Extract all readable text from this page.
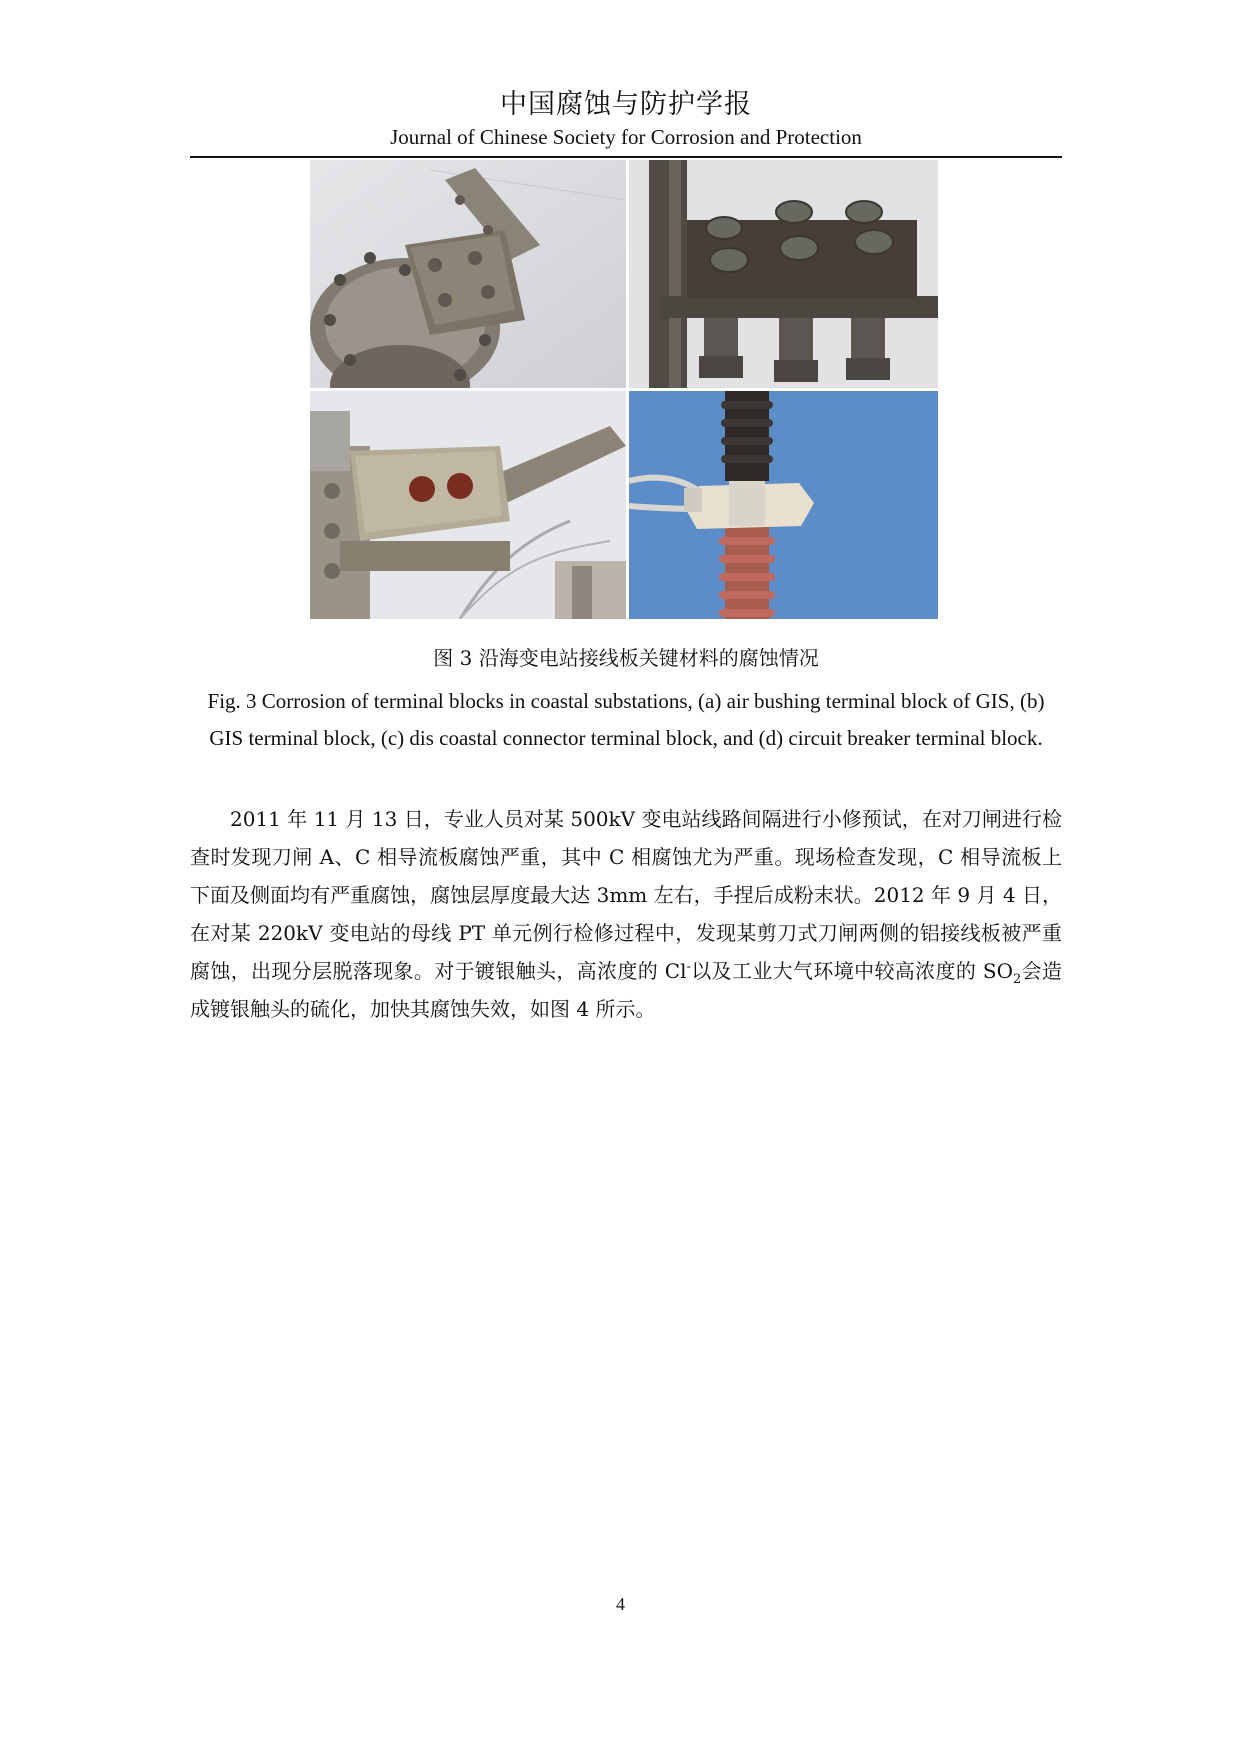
中国腐蚀与防护学报
Journal of Chinese Society for Corrosion and Protection
图 3 沿海变电站接线板关键材料的腐蚀情况
Fig. 3 Corrosion of terminal blocks in coastal substations, (a) air bushing terminal block of GIS, (b) GIS terminal block, (c) dis coastal connector terminal block, and (d) circuit breaker terminal block.

2011 年 11 月 13 日，专业人员对某 500kV 变电站线路间隔进行小修预试，在对刀闸进行检查时发现刀闸 A、C 相导流板腐蚀严重，其中 C 相腐蚀尤为严重。现场检查发现，C 相导流板上下面及侧面均有严重腐蚀，腐蚀层厚度最大达 3mm 左右，手捏后成粉末状。2012 年 9 月 4 日，在对某 220kV 变电站的母线 PT 单元例行检修过程中，发现某剪刀式刀闸两侧的铝接线板被严重腐蚀，出现分层脱落现象。对于镀银触头，高浓度的 Cl-以及工业大气环境中较高浓度的 $SO_2$会造成镀银触头的硫化，加快其腐蚀失效，如图 4 所示。

4
